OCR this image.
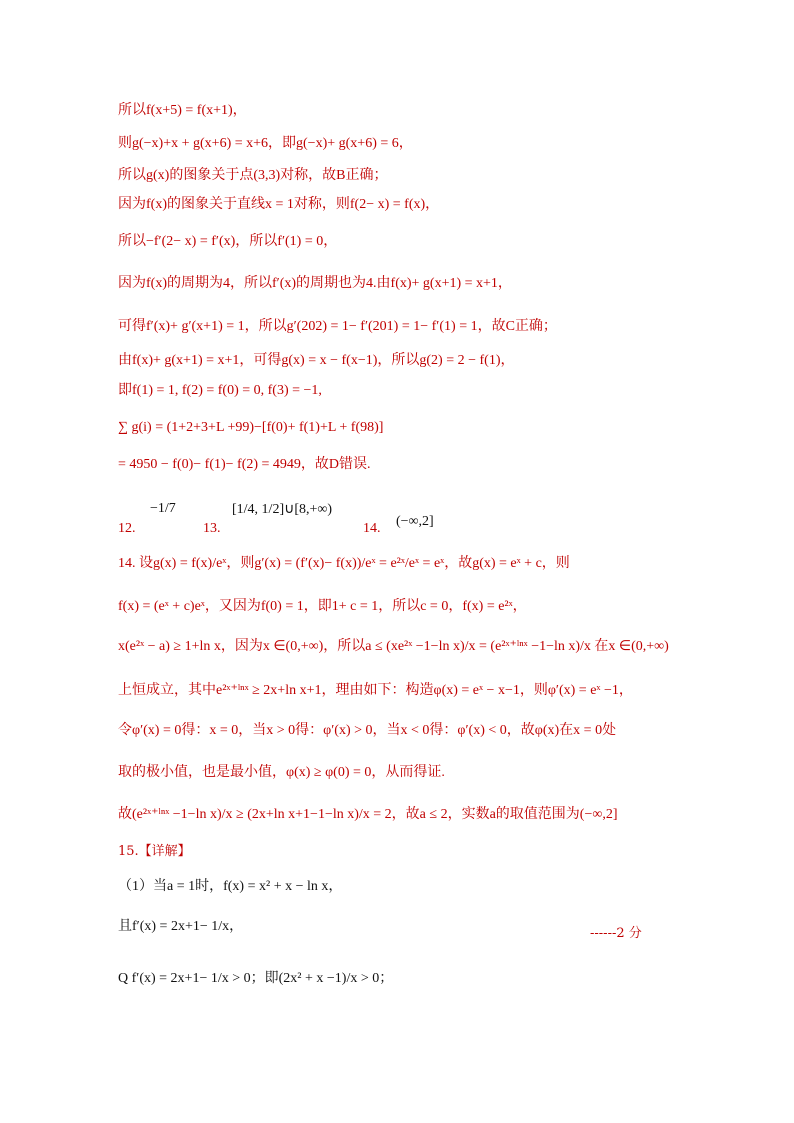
所以f(x+5) = f(x+1)，
则g(−x)+x + g(x+6) = x+6，即g(−x)+ g(x+6) = 6，
所以g(x)的图象关于点(3,3)对称，故B正确；
因为f(x)的图象关于直线x = 1对称，则f(2− x) = f(x)，
所以−f′(2− x) = f′(x)，所以f′(1) = 0，
因为f(x)的周期为4，所以f′(x)的周期也为4.由f(x)+ g(x+1) = x+1，
可得f′(x)+ g′(x+1) = 1，所以g′(202) = 1− f′(201) = 1− f′(1) = 1，故C正确；
由f(x)+ g(x+1) = x+1，可得g(x) = x − f(x−1)，所以g(2) = 2 − f(1)，
即f(1) = 1, f(2) = f(0) = 0, f(3) = −1,
∑ g(i) = (1+2+3+L +99)−[f(0)+ f(1)+L + f(98)]
= 4950 − f(0)− f(1)− f(2) = 4949，故D错误.
12.
−1/7
13.
[1/4, 1/2]∪[8,+∞)
14. (−∞,2]
14. 设g(x) = f(x)/eˣ，则g′(x) = (f′(x)− f(x))/eˣ = e²ˣ/eˣ = eˣ，故g(x) = eˣ + c，则
f(x) = (eˣ + c)eˣ，又因为f(0) = 1，即1+ c = 1，所以c = 0，f(x) = e²ˣ，
x(e²ˣ − a) ≥ 1+ln x，因为x ∈(0,+∞)，所以a ≤ (xe²ˣ −1−ln x)/x = (e²ˣ⁺ˡⁿˣ −1−ln x)/x 在x ∈(0,+∞)
上恒成立，其中e²ˣ⁺ˡⁿˣ ≥ 2x+ln x+1，理由如下：构造φ(x) = eˣ − x−1，则φ′(x) = eˣ −1，
令φ′(x) = 0得：x = 0，当x > 0得：φ′(x) > 0，当x < 0得：φ′(x) < 0，故φ(x)在x = 0处
取的极小值，也是最小值，φ(x) ≥ φ(0) = 0，从而得证.
故(e²ˣ⁺ˡⁿˣ −1−ln x)/x ≥ (2x+ln x+1−1−ln x)/x = 2，故a ≤ 2，实数a的取值范围为(−∞,2]
15.【详解】
（1）当a = 1时，f(x) = x² + x − ln x，
且f′(x) = 2x+1− 1/x，	------2 分
Q f′(x) = 2x+1− 1/x > 0；即(2x² + x −1)/x > 0；
